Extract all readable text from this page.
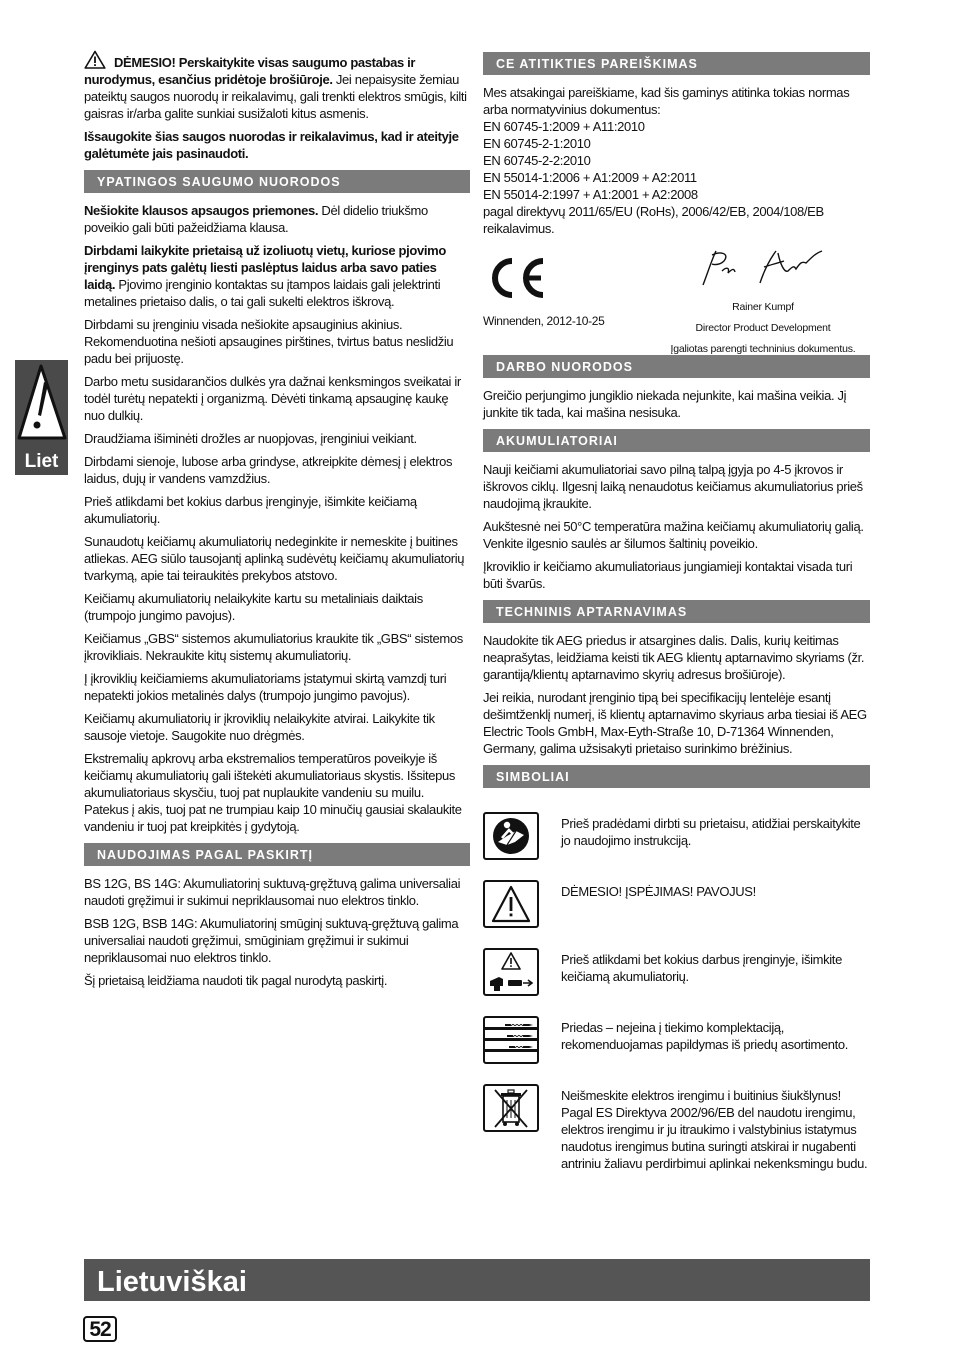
DĖMESIO! Perskaitykite visas saugumo pastabas ir nurodymus, esančius pridėtoje brošiūroje. Jei nepaisysite žemiau pateiktų saugos nuorodų ir reikalavimų, gali trenkti elektros smūgis, kilti gaisras ir/arba galite sunkiai susižaloti kitus asmenis.

Išsaugokite šias saugos nuorodas ir reikalavimus, kad ir ateityje galėtumėte jais pasinaudoti.

YPATINGOS SAUGUMO NUORODOS

Nešiokite klausos apsaugos priemones. Dėl didelio triukšmo poveikio gali būti pažeidžiama klausa.

Dirbdami laikykite prietaisą už izoliuotų vietų, kuriose pjovimo įrenginys pats galėtų liesti paslėptus laidus arba savo paties laidą. Pjovimo įrenginio kontaktas su įtampos laidais gali įelektrinti metalines prietaiso dalis, o tai gali sukelti elektros iškrovą.

Dirbdami su įrenginiu visada nešiokite apsauginius akinius. Rekomenduotina nešioti apsaugines pirštines, tvirtus batus neslidžiu padu bei prijuostę.

Darbo metu susidarančios dulkės yra dažnai kenksmingos sveikatai ir todėl turėtų nepatekti į organizmą. Dėvėti tinkamą apsauginę kaukę nuo dulkių.

Draudžiama išiminėti drožles ar nuopjovas, įrenginiui veikiant.

Dirbdami sienoje, lubose arba grindyse, atkreipkite dėmesį į elektros laidus, dujų ir vandens vamzdžius.

Prieš atlikdami bet kokius darbus įrenginyje, išimkite keičiamą akumuliatorių.

Sunaudotų keičiamų akumuliatorių nedeginkite ir nemeskite į buitines atliekas. AEG siūlo tausojantį aplinką sudėvėtų keičiamų akumuliatorių tvarkymą, apie tai teiraukitės prekybos atstovo.

Keičiamų akumuliatorių nelaikykite kartu su metaliniais daiktais (trumpojo jungimo pavojus).

Keičiamus „GBS“ sistemos akumuliatorius kraukite tik „GBS“ sistemos įkrovikliais. Nekraukite kitų sistemų akumuliatorių.

Į įkroviklių keičiamiems akumuliatoriams įstatymui skirtą vamzdį turi nepatekti jokios metalinės dalys (trumpojo jungimo pavojus).

Keičiamų akumuliatorių ir įkroviklių nelaikykite atvirai. Laikykite tik sausoje vietoje. Saugokite nuo drėgmės.

Ekstremalių apkrovų arba ekstremalios temperatūros poveikyje iš keičiamų akumuliatorių gali ištekėti akumuliatoriaus skystis. Išsitepus akumuliatoriaus skysčiu, tuoj pat nuplaukite vandeniu su muilu. Patekus į akis, tuoj pat ne trumpiau kaip 10 minučių gausiai skalaukite vandeniu ir tuoj pat kreipkitės į gydytoją.

NAUDOJIMAS PAGAL PASKIRTĮ

BS 12G, BS 14G: Akumuliatorinį suktuvą-gręžtuvą galima universaliai naudoti gręžimui ir sukimui nepriklausomai nuo elektros tinklo.

BSB 12G, BSB 14G: Akumuliatorinį smūginį suktuvą-gręžtuvą galima universaliai naudoti gręžimui, smūginiam gręžimui ir sukimui nepriklausomai nuo elektros tinklo.

Šį prietaisą leidžiama naudoti tik pagal nurodytą paskirtį.

CE ATITIKTIES PAREIŠKIMAS
Mes atsakingai pareiškiame, kad šis gaminys atitinka tokias normas arba normatyvinius dokumentus:
EN 60745-1:2009 + A11:2010
EN 60745-2-1:2010
EN 60745-2-2:2010
EN 55014-1:2006 + A1:2009 + A2:2011
EN 55014-2:1997 + A1:2001 + A2:2008
pagal direktyvų 2011/65/EU (RoHs), 2006/42/EB, 2004/108/EB reikalavimus.
Winnenden, 2012-10-25
Rainer Kumpf
Director Product Development
Įgaliotas parengti techninius dokumentus.
DARBO NUORODOS

Greičio perjungimo jungiklio niekada nejunkite, kai mašina veikia. Jį junkite tik tada, kai mašina nesisuka.

AKUMULIATORIAI

Nauji keičiami akumuliatoriai savo pilną talpą įgyja po 4-5 įkrovos ir iškrovos ciklų. Ilgesnį laiką nenaudotus keičiamus akumuliatorius prieš naudojimą įkraukite.

Aukštesnė nei 50°C temperatūra mažina keičiamų akumuliatorių galią. Venkite ilgesnio saulės ar šilumos šaltinių poveikio.

Įkroviklio ir keičiamo akumuliatoriaus jungiamieji kontaktai visada turi būti švarūs.

TECHNINIS APTARNAVIMAS

Naudokite tik AEG priedus ir atsargines dalis. Dalis, kurių keitimas neaprašytas, leidžiama keisti tik AEG klientų aptarnavimo skyriams (žr. garantiją/klientų aptarnavimo skyrių adresus brošiūroje).

Jei reikia, nurodant įrenginio tipą bei specifikacijų lentelėje esantį dešimtženklį numerį, iš klientų aptarnavimo skyriaus arba tiesiai iš AEG Electric Tools GmbH, Max-Eyth-Straße 10, D-71364 Winnenden, Germany, galima užsisakyti prietaiso surinkimo brėžinius.

SIMBOLIAI
Prieš pradėdami dirbti su prietaisu, atidžiai perskaitykite jo naudojimo instrukciją.
DĖMESIO! ĮSPĖJIMAS! PAVOJUS!
Prieš atlikdami bet kokius darbus įrenginyje, išimkite keičiamą akumuliatorių.
Priedas – nejeina į tiekimo komplektaciją, rekomenduojamas papildymas iš priedų asortimento.
Neišmeskite elektros irengimu i buitinius šiukšlynus! Pagal ES Direktyva 2002/96/EB del naudotu irengimu, elektros irengimu ir ju itraukimo i valstybinius istatymus naudotus irengimus butina suringti atskirai ir nugabenti antriniu žaliavu perdirbimui aplinkai nekenksmingu budu.
Liet
Lietuviškai
52
